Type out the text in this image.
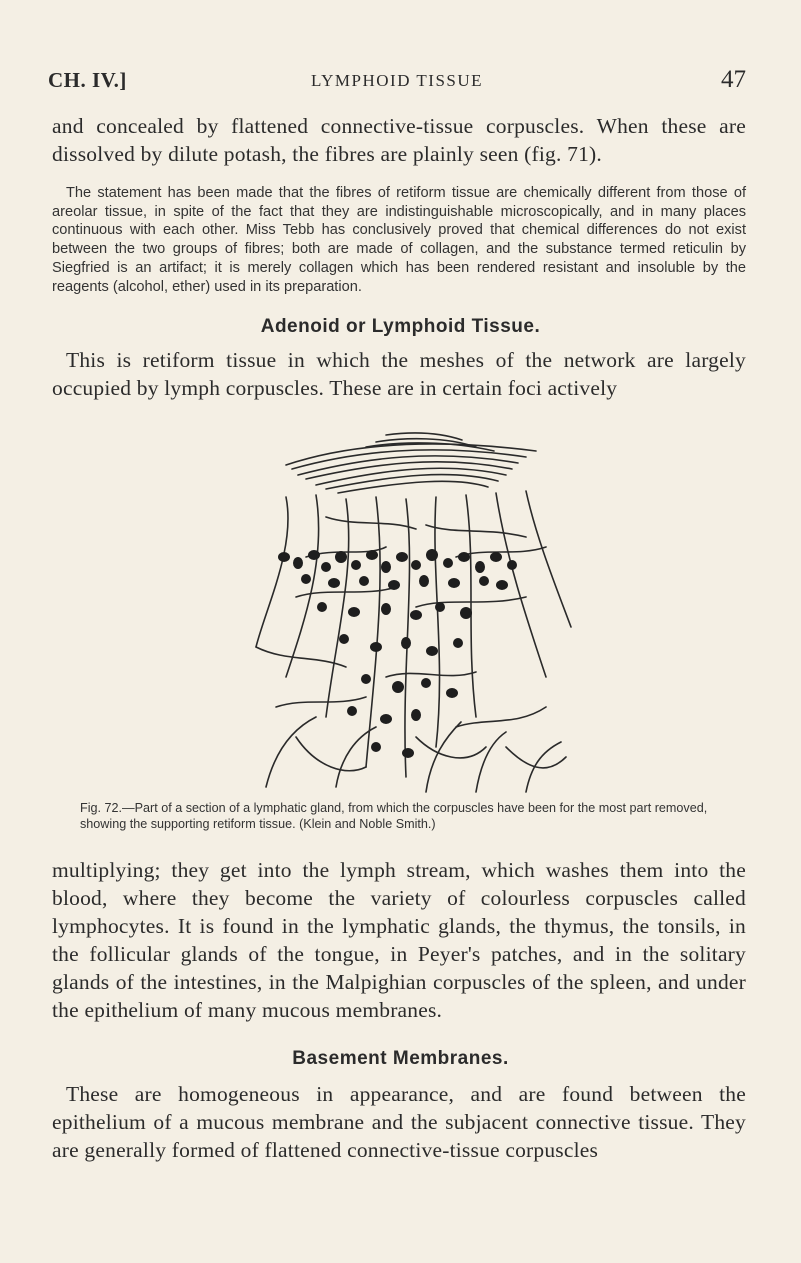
CH. IV.]	LYMPHOID TISSUE	47

and concealed by flattened connective-tissue corpuscles. When these are dissolved by dilute potash, the fibres are plainly seen (fig. 71).

The statement has been made that the fibres of retiform tissue are chemically different from those of areolar tissue, in spite of the fact that they are indistinguishable microscopically, and in many places continuous with each other. Miss Tebb has conclusively proved that chemical differences do not exist between the two groups of fibres; both are made of collagen, and the substance termed reticulin by Siegfried is an artifact; it is merely collagen which has been rendered resistant and insoluble by the reagents (alcohol, ether) used in its preparation.

Adenoid or Lymphoid Tissue.

This is retiform tissue in which the meshes of the network are largely occupied by lymph corpuscles. These are in certain foci actively

Fig. 72.—Part of a section of a lymphatic gland, from which the corpuscles have been for the most part removed, showing the supporting retiform tissue. (Klein and Noble Smith.)

multiplying; they get into the lymph stream, which washes them into the blood, where they become the variety of colourless corpuscles called lymphocytes. It is found in the lymphatic glands, the thymus, the tonsils, in the follicular glands of the tongue, in Peyer's patches, and in the solitary glands of the intestines, in the Malpighian corpuscles of the spleen, and under the epithelium of many mucous membranes.

Basement Membranes.

These are homogeneous in appearance, and are found between the epithelium of a mucous membrane and the subjacent connective tissue. They are generally formed of flattened connective-tissue corpuscles
